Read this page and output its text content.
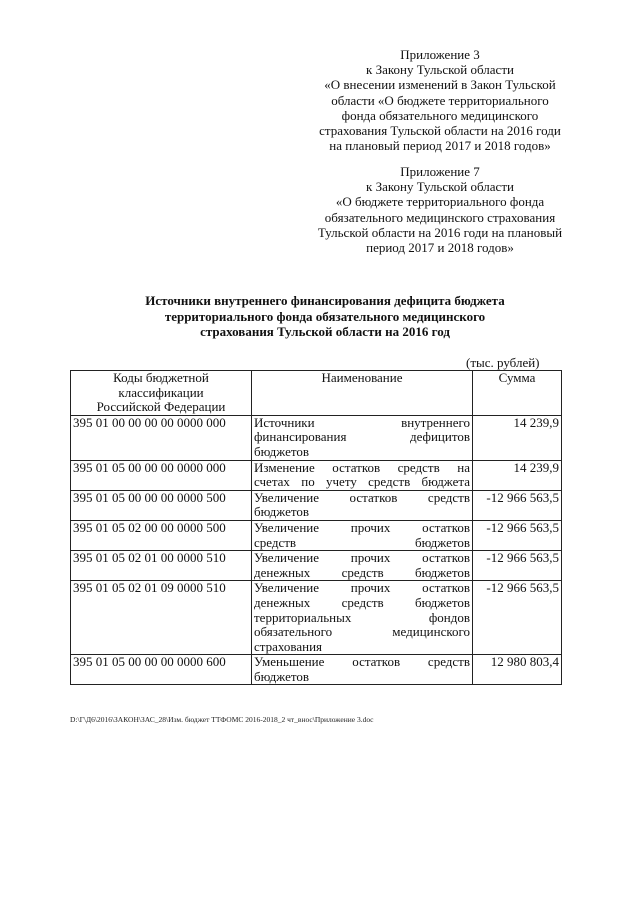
Приложение 3
к Закону Тульской области
«О внесении изменений в Закон Тульской
области «О бюджете территориального
фонда обязательного медицинского
страхования Тульской области на 2016 годи
на плановый период 2017 и 2018 годов»
Приложение 7
к Закону Тульской области
«О бюджете территориального фонда
обязательного медицинского страхования
Тульской области на 2016 годи на плановый
период 2017 и 2018 годов»
Источники внутреннего финансирования дефицита бюджета
территориального фонда обязательного медицинского
страхования Тульской области на 2016 год
(тыс. рублей)
Коды бюджетной
классификации
Российской Федерации	Наименование	Сумма
395 01 00 00 00 00 0000 000	Источники внутреннего
финансирования дефицитов
бюджетов	14 239,9
395 01 05 00 00 00 0000 000	Изменение остатков средств на
счетах по учету средств бюджета	14 239,9
395 01 05 00 00 00 0000 500	Увеличение остатков средств
бюджетов	-12 966 563,5
395 01 05 02 00 00 0000 500	Увеличение прочих остатков
средств бюджетов	-12 966 563,5
395 01 05 02 01 00 0000 510	Увеличение прочих остатков
денежных средств бюджетов	-12 966 563,5
395 01 05 02 01 09 0000 510	Увеличение прочих остатков
денежных средств бюджетов
территориальных фондов
обязательного медицинского
страхования	-12 966 563,5
395 01 05 00 00 00 0000 600	Уменьшение остатков средств
бюджетов	12 980 803,4
D:\Г\Д6\2016\ЗАКОН\ЗАС_28\Изм. бюджет ТТФОМС 2016-2018_2 чт_внос\Приложение 3.doc
